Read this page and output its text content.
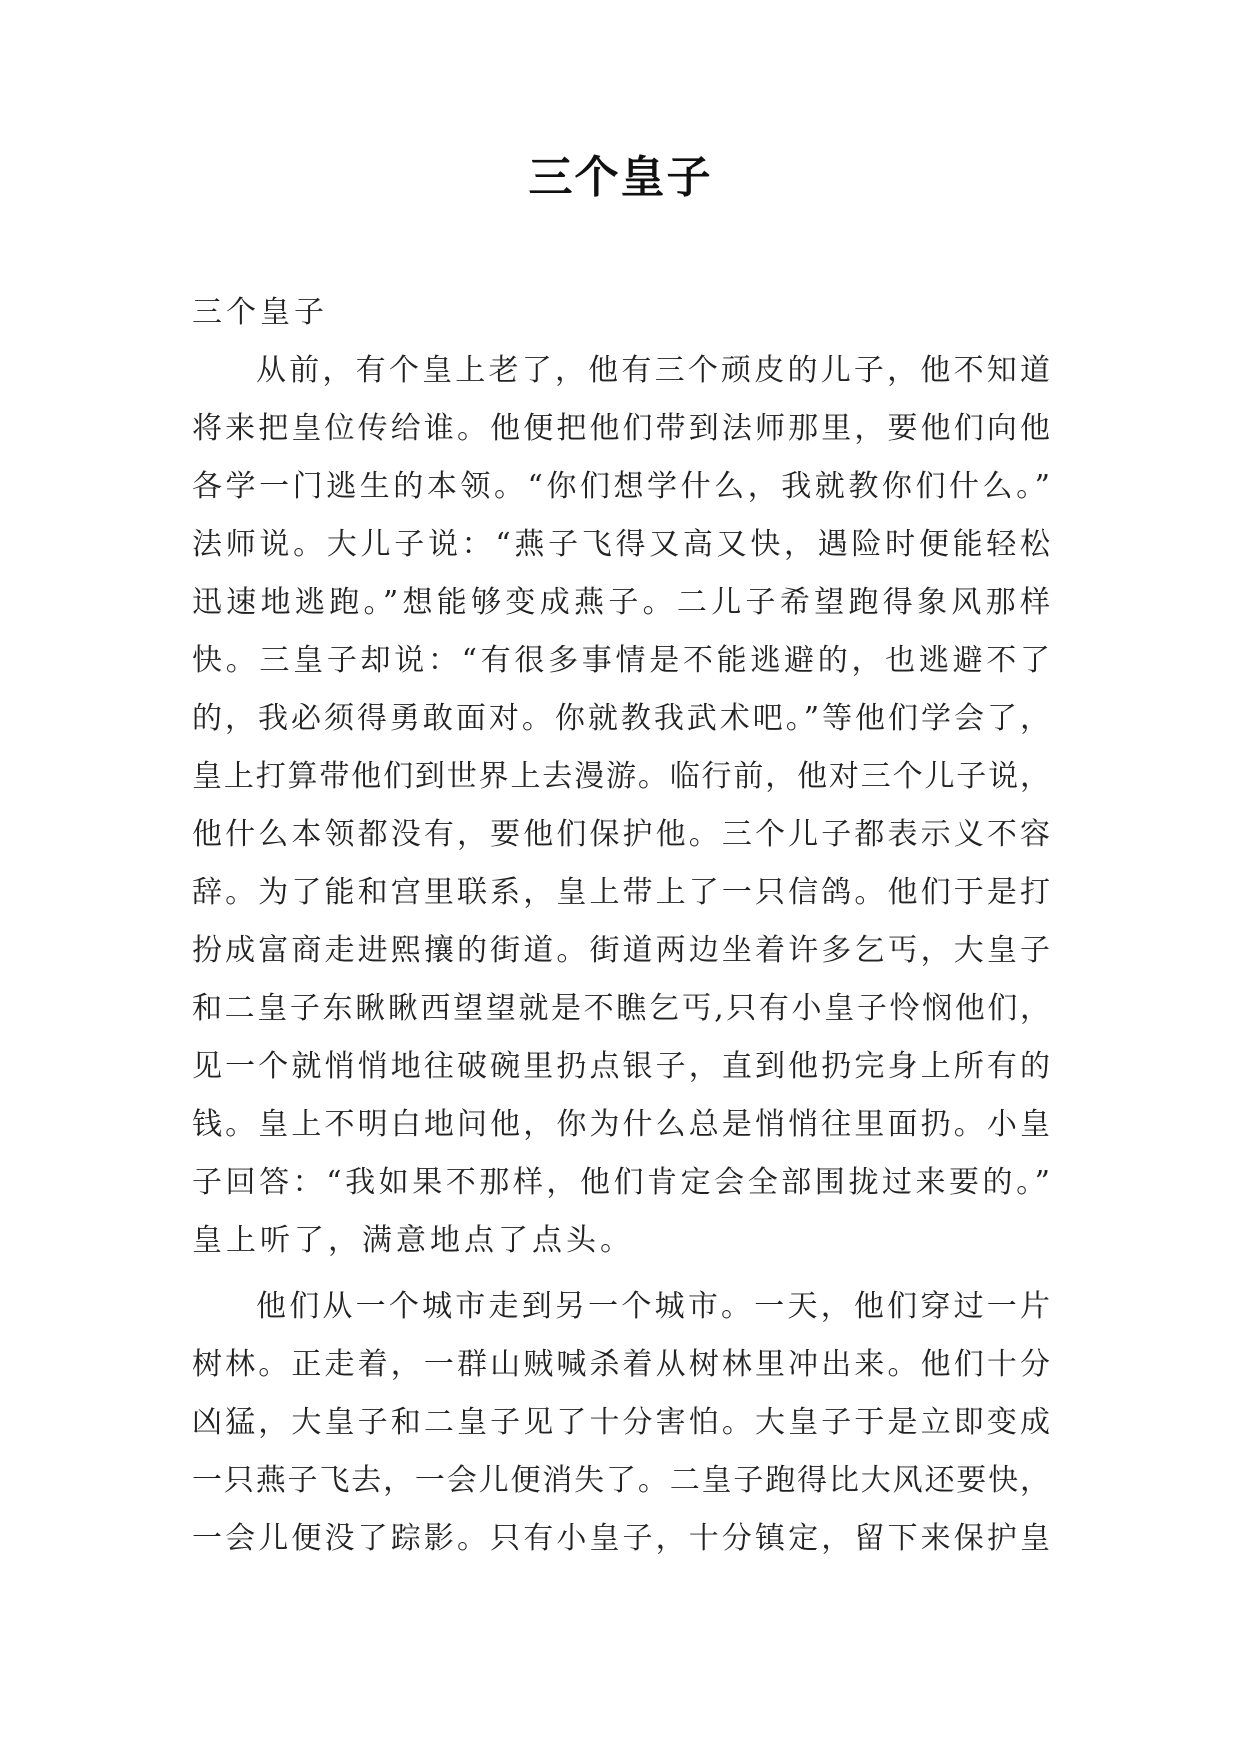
三个皇子
三个皇子
从前，有个皇上老了，他有三个顽皮的儿子，他不知道
将来把皇位传给谁。他便把他们带到法师那里，要他们向他
各学一门逃生的本领。“你们想学什么，我就教你们什么。”
法师说。大儿子说：“燕子飞得又高又快，遇险时便能轻松
迅速地逃跑。”想能够变成燕子。二儿子希望跑得象风那样
快。三皇子却说：“有很多事情是不能逃避的，也逃避不了
的，我必须得勇敢面对。你就教我武术吧。”等他们学会了，
皇上打算带他们到世界上去漫游。临行前，他对三个儿子说，
他什么本领都没有，要他们保护他。三个儿子都表示义不容
辞。为了能和宫里联系，皇上带上了一只信鸽。他们于是打
扮成富商走进熙攘的街道。街道两边坐着许多乞丐，大皇子
和二皇子东瞅瞅西望望就是不瞧乞丐,只有小皇子怜悯他们，
见一个就悄悄地往破碗里扔点银子，直到他扔完身上所有的
钱。皇上不明白地问他，你为什么总是悄悄往里面扔。小皇
子回答：“我如果不那样，他们肯定会全部围拢过来要的。”
皇上听了，满意地点了点头。
他们从一个城市走到另一个城市。一天，他们穿过一片
树林。正走着，一群山贼喊杀着从树林里冲出来。他们十分
凶猛，大皇子和二皇子见了十分害怕。大皇子于是立即变成
一只燕子飞去，一会儿便消失了。二皇子跑得比大风还要快，
一会儿便没了踪影。只有小皇子，十分镇定，留下来保护皇
